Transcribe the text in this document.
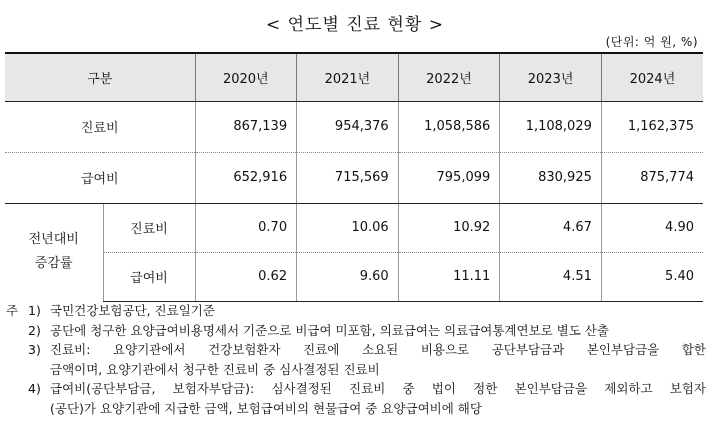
< 연도별 진료 현황 >
(단위: 억 원, %)
구분		2020년	2021년	2022년	2023년	2024년
진료비		867,139	954,376	1,058,586	1,108,029	1,162,375
급여비		652,916	715,569	795,099	830,925	875,774
전년대비
증감률	진료비	0.70	10.06	10.92	4.67	4.90
	급여비	0.62	9.60	11.11	4.51	5.40
주 1) 국민건강보험공단, 진료일기준
2) 공단에 청구한 요양급여비용명세서 기준으로 비급여 미포함, 의료급여는 의료급여통계연보로 별도 산출
3) 진료비: 요양기관에서 건강보험환자 진료에 소요된 비용으로 공단부담금과 본인부담금을 합한
금액이며, 요양기관에서 청구한 진료비 중 심사결정된 진료비
4) 급여비(공단부담금, 보험자부담금): 심사결정된 진료비 중 법이 정한 본인부담금을 제외하고 보험자
(공단)가 요양기관에 지급한 금액, 보험급여비의 현물급여 중 요양급여비에 해당
